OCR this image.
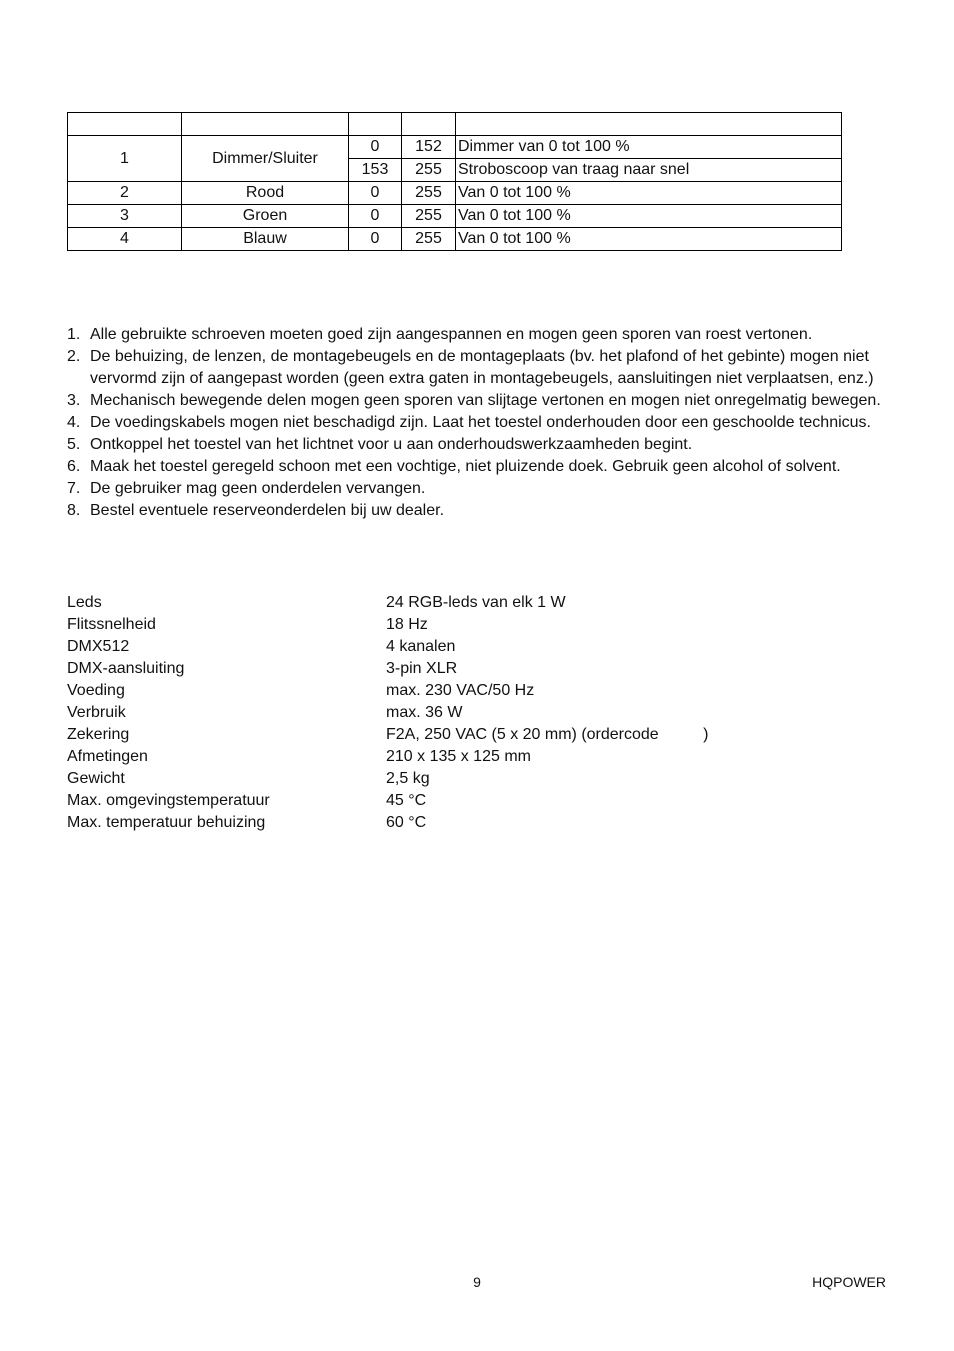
1	Dimmer/Sluiter	0	152	Dimmer van 0 tot 100 %
		153	255	Stroboscoop van traag naar snel
2	Rood	0	255	Van 0 tot 100 %
3	Groen	0	255	Van 0 tot 100 %
4	Blauw	0	255	Van 0 tot 100 %
1. Alle gebruikte schroeven moeten goed zijn aangespannen en mogen geen sporen van roest vertonen.
2. De behuizing, de lenzen, de montagebeugels en de montageplaats (bv. het plafond of het gebinte) mogen niet vervormd zijn of aangepast worden (geen extra gaten in montagebeugels, aansluitingen niet verplaatsen, enz.)
3. Mechanisch bewegende delen mogen geen sporen van slijtage vertonen en mogen niet onregelmatig bewegen.
4. De voedingskabels mogen niet beschadigd zijn. Laat het toestel onderhouden door een geschoolde technicus.
5. Ontkoppel het toestel van het lichtnet voor u aan onderhoudswerkzaamheden begint.
6. Maak het toestel geregeld schoon met een vochtige, niet pluizende doek. Gebruik geen alcohol of solvent.
7. De gebruiker mag geen onderdelen vervangen.
8. Bestel eventuele reserveonderdelen bij uw dealer.
Leds	24 RGB-leds van elk 1 W
Flitssnelheid	18 Hz
DMX512	4 kanalen
DMX-aansluiting	3-pin XLR
Voeding	max. 230 VAC/50 Hz
Verbruik	max. 36 W
Zekering	F2A, 250 VAC (5 x 20 mm) (ordercode          )
Afmetingen	210 x 135 x 125 mm
Gewicht	2,5 kg
Max. omgevingstemperatuur	45 °C
Max. temperatuur behuizing	60 °C
9	HQPOWER
